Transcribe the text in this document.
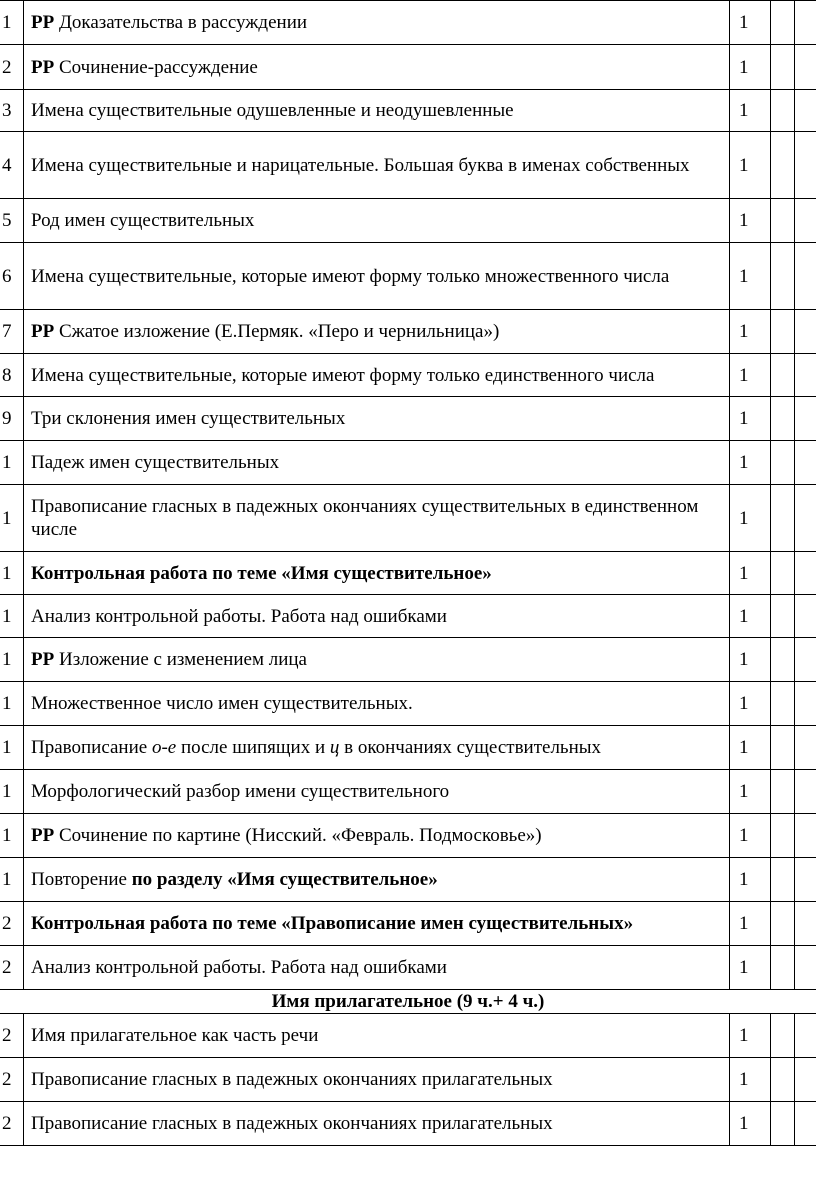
1	РР Доказательства в рассуждении	1		
2	РР Сочинение-рассуждение	1		
3	Имена существительные одушевленные и неодушевленные	1		
4	Имена существительные и нарицательные. Большая буква в именах собственных	1		
5	Род имен существительных	1		
6	Имена существительные, которые имеют форму только множественного числа	1		
7	РР Сжатое изложение (Е.Пермяк. «Перо и чернильница»)	1		
8	Имена существительные, которые имеют форму только единственного числа	1		
9	Три склонения имен существительных	1		
1	Падеж имен существительных	1		
1	Правописание гласных в падежных окончаниях существительных в единственном числе	1		
1	Контрольная работа по теме «Имя существительное»	1		
1	Анализ контрольной работы. Работа над ошибками	1		
1	РР Изложение с изменением лица	1		
1	Множественное число имен существительных.	1		
1	Правописание о-е после шипящих и ц в окончаниях существительных	1		
1	Морфологический разбор имени существительного	1		
1	РР Сочинение по картине (Нисский. «Февраль. Подмосковье»)	1		
1	Повторение по разделу «Имя существительное»	1		
2	Контрольная работа по теме «Правописание имен существительных»	1		
2	Анализ контрольной работы. Работа над ошибками	1		
Имя прилагательное (9 ч.+ 4 ч.)				
2	Имя прилагательное как часть речи	1		
2	Правописание гласных в падежных окончаниях прилагательных	1		
2	Правописание гласных в падежных окончаниях прилагательных	1		
